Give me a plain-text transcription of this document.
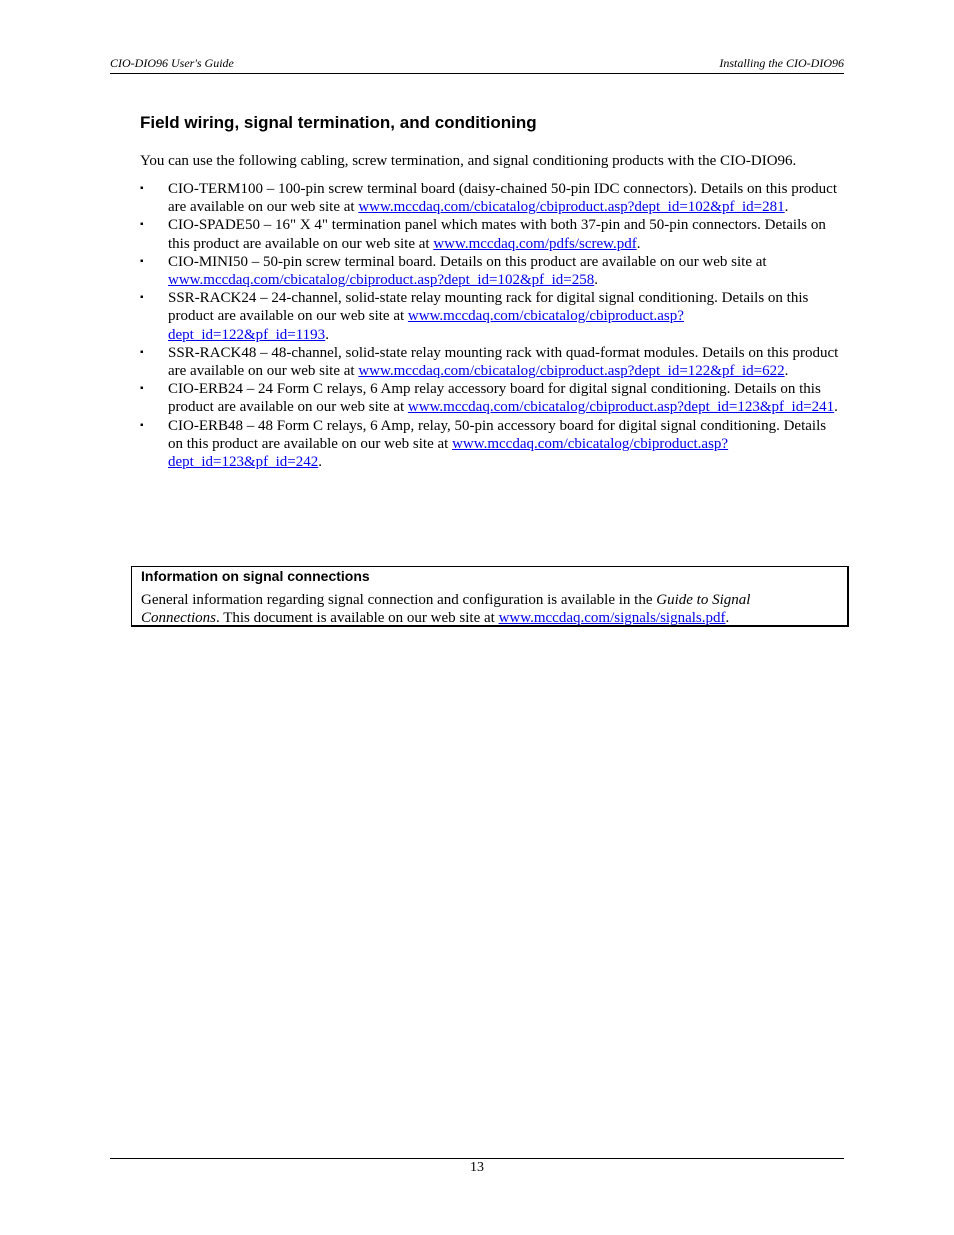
CIO-DIO96 User's Guide	Installing the CIO-DIO96
Field wiring, signal termination, and conditioning
You can use the following cabling, screw termination, and signal conditioning products with the CIO-DIO96.
▪	CIO-TERM100 – 100-pin screw terminal board (daisy-chained 50-pin IDC connectors). Details on this product are available on our web site at www.mccdaq.com/cbicatalog/cbiproduct.asp?dept_id=102&pf_id=281.
▪	CIO-SPADE50 – 16" X 4" termination panel which mates with both 37-pin and 50-pin connectors. Details on this product are available on our web site at www.mccdaq.com/pdfs/screw.pdf.
▪	CIO-MINI50 – 50-pin screw terminal board. Details on this product are available on our web site at www.mccdaq.com/cbicatalog/cbiproduct.asp?dept_id=102&pf_id=258.
▪	SSR-RACK24 – 24-channel, solid-state relay mounting rack for digital signal conditioning. Details on this product are available on our web site at www.mccdaq.com/cbicatalog/cbiproduct.asp?dept_id=122&pf_id=1193.
▪	SSR-RACK48 – 48-channel, solid-state relay mounting rack with quad-format modules. Details on this product are available on our web site at www.mccdaq.com/cbicatalog/cbiproduct.asp?dept_id=122&pf_id=622.
▪	CIO-ERB24 – 24 Form C relays, 6 Amp relay accessory board for digital signal conditioning. Details on this product are available on our web site at www.mccdaq.com/cbicatalog/cbiproduct.asp?dept_id=123&pf_id=241.
▪	CIO-ERB48 – 48 Form C relays, 6 Amp, relay, 50-pin accessory board for digital signal conditioning. Details on this product are available on our web site at www.mccdaq.com/cbicatalog/cbiproduct.asp?dept_id=123&pf_id=242.
Information on signal connections
General information regarding signal connection and configuration is available in the Guide to Signal Connections. This document is available on our web site at www.mccdaq.com/signals/signals.pdf.
13
